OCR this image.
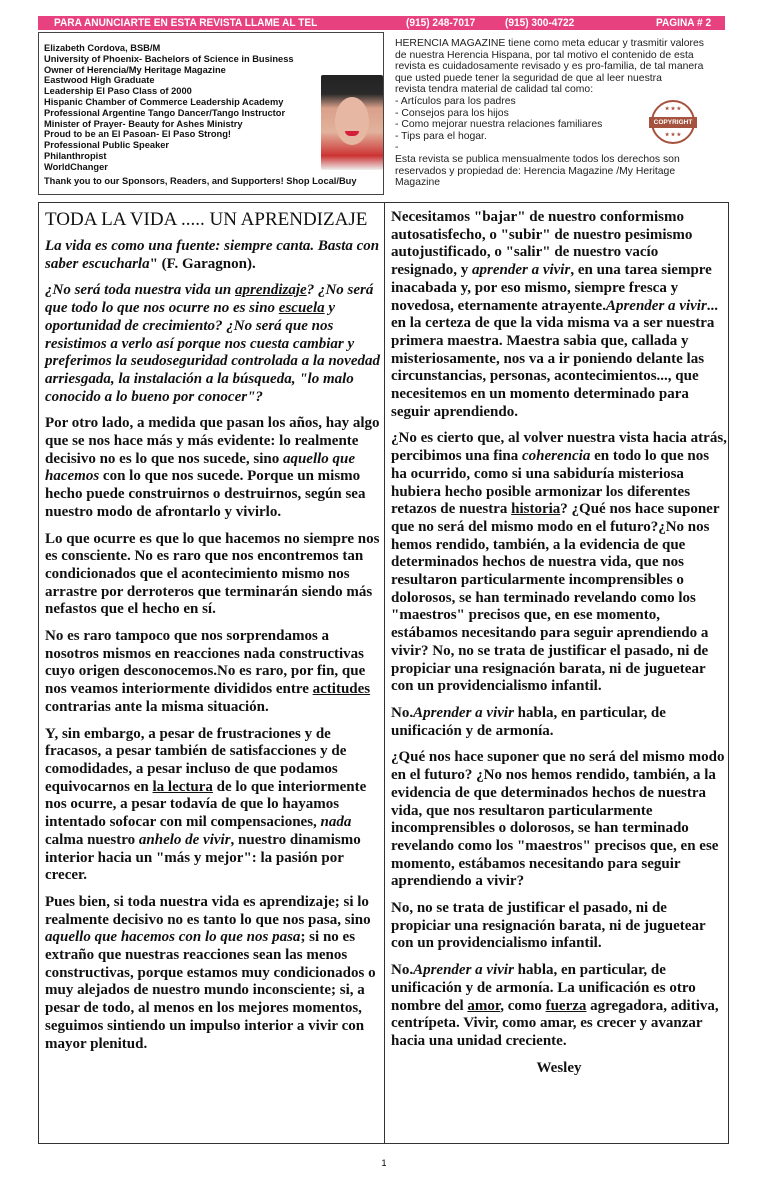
PARA ANUNCIARTE EN ESTA REVISTA LLAME AL TEL	(915) 248-7017	(915) 300-4722	PAGINA # 2
Elizabeth Cordova, BSB/M
University of Phoenix- Bachelors of Science in Business
Owner of Herencia/My Heritage Magazine
Eastwood High Graduate
Leadership El Paso Class of 2000
Hispanic Chamber of Commerce Leadership Academy
Professional Argentine Tango Dancer/Tango Instructor
Minister of Prayer- Beauty for Ashes Ministry
Proud to be an El Pasoan- El Paso Strong!
Professional Public Speaker
Philanthropist
WorldChanger
Thank you to our Sponsors, Readers, and Supporters! Shop Local/Buy
HERENCIA MAGAZINE tiene como meta educar y trasmitir valores
de nuestra Herencia Hispana, por tal motivo el contenido de esta
revista es cuidadosamente revisado y es pro-familia, de tal manera
que usted puede tener la seguridad de que al leer nuestra
revista tendra material de calidad tal como:
- Artículos para los padres
- Consejos para los hijos
- Como mejorar nuestra relaciones familiares
- Tips para el hogar.
-
Esta revista se publica mensualmente todos los derechos son
reservados y propiedad de: Herencia Magazine /My Heritage
Magazine
★ ★ ★
COPYRIGHT
★ ★ ★
TODA LA VIDA ..... UN APRENDIZAJE

La vida es como una fuente: siempre canta. Basta con saber escucharla" (F. Garagnon).

¿No será toda nuestra vida un aprendizaje? ¿No será que todo lo que nos ocurre no es sino escuela y oportunidad de crecimiento? ¿No será que nos resistimos a verlo así porque nos cuesta cambiar y preferimos la seudoseguridad controlada a la novedad arriesgada, la instalación a la búsqueda, "lo malo conocido a lo bueno por conocer"?

Por otro lado, a medida que pasan los años, hay algo que se nos hace más y más evidente: lo realmente decisivo no es lo que nos sucede, sino aquello que hacemos con lo que nos sucede. Porque un mismo hecho puede construirnos o destruirnos, según sea nuestro modo de afrontarlo y vivirlo.

Lo que ocurre es que lo que hacemos no siempre nos es consciente. No es raro que nos encontremos tan condicionados que el acontecimiento mismo nos arrastre por derroteros que terminarán siendo más nefastos que el hecho en sí.

No es raro tampoco que nos sorprendamos a nosotros mismos en reacciones nada constructivas cuyo origen desconocemos.No es raro, por fin, que nos veamos interiormente divididos entre actitudes contrarias ante la misma situación.

Y, sin embargo, a pesar de frustraciones y de fracasos, a pesar también de satisfacciones y de comodidades, a pesar incluso de que podamos equivocarnos en la lectura de lo que interiormente nos ocurre, a pesar todavía de que lo hayamos intentado sofocar con mil compensaciones, nada calma nuestro anhelo de vivir, nuestro dinamismo interior hacia un "más y mejor": la pasión por crecer.

Pues bien, si toda nuestra vida es aprendizaje; si lo realmente decisivo no es tanto lo que nos pasa, sino aquello que hacemos con lo que nos pasa; si no es extraño que nuestras reacciones sean las menos constructivas, porque estamos muy condicionados o muy alejados de nuestro mundo inconsciente; si, a pesar de todo, al menos en los mejores momentos, seguimos sintiendo un impulso interior a vivir con mayor plenitud.

Necesitamos "bajar" de nuestro conformismo autosatisfecho, o "subir" de nuestro pesimismo autojustificado, o "salir" de nuestro vacío resignado, y aprender a vivir, en una tarea siempre inacabada y, por eso mismo, siempre fresca y novedosa, eternamente atrayente.Aprender a vivir... en la certeza de que la vida misma va a ser nuestra primera maestra. Maestra sabia que, callada y misteriosamente, nos va a ir poniendo delante las circunstancias, personas, acontecimientos..., que necesitemos en un momento determinado para seguir aprendiendo.

¿No es cierto que, al volver nuestra vista hacia atrás, percibimos una fina coherencia en todo lo que nos ha ocurrido, como si una sabiduría misteriosa hubiera hecho posible armonizar los diferentes retazos de nuestra historia? ¿Qué nos hace suponer que no será del mismo modo en el futuro?¿No nos hemos rendido, también, a la evidencia de que determinados hechos de nuestra vida, que nos resultaron particularmente incomprensibles o dolorosos, se han terminado revelando como los "maestros" precisos que, en ese momento, estábamos necesitando para seguir aprendiendo a vivir? No, no se trata de justificar el pasado, ni de propiciar una resignación barata, ni de juguetear con un providencialismo infantil.

No.Aprender a vivir habla, en particular, de unificación y de armonía.

¿Qué nos hace suponer que no será del mismo modo en el futuro? ¿No nos hemos rendido, también, a la evidencia de que determinados hechos de nuestra vida, que nos resultaron particularmente incomprensibles o dolorosos, se han terminado revelando como los "maestros" precisos que, en ese momento, estábamos necesitando para seguir aprendiendo a vivir?

No, no se trata de justificar el pasado, ni de propiciar una resignación barata, ni de juguetear con un providencialismo infantil.

No.Aprender a vivir habla, en particular, de unificación y de armonía. La unificación es otro nombre del amor, como fuerza agregadora, aditiva, centrípeta. Vivir, como amar, es crecer y avanzar hacia una unidad creciente.

Wesley

1
